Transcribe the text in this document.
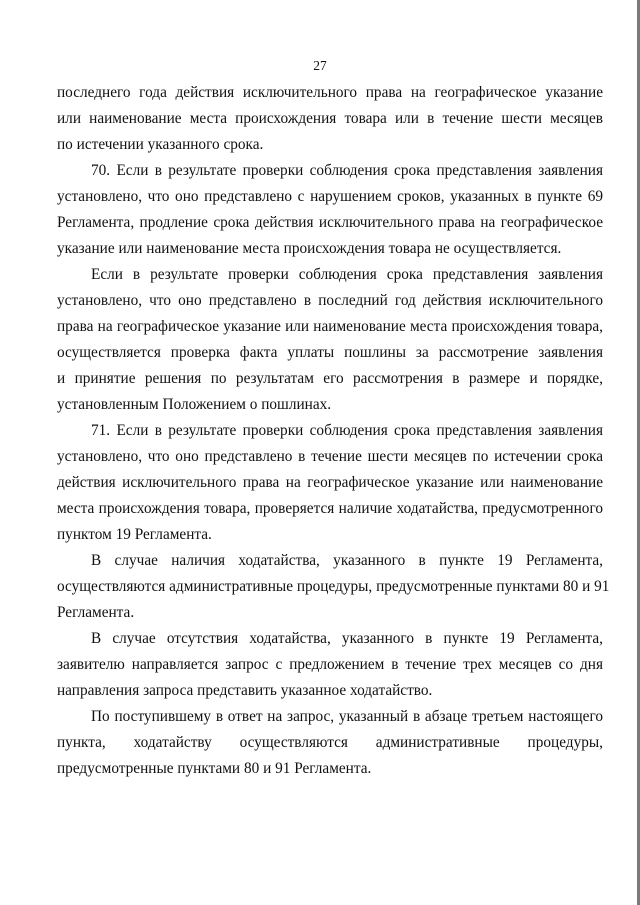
27
последнего года действия исключительного права на географическое указание
или наименование места происхождения товара или в течение шести месяцев
по истечении указанного срока.
70. Если в результате проверки соблюдения срока представления заявления
установлено, что оно представлено с нарушением сроков, указанных в пункте 69
Регламента, продление срока действия исключительного права на географическое
указание или наименование места происхождения товара не осуществляется.
Если в результате проверки соблюдения срока представления заявления
установлено, что оно представлено в последний год действия исключительного
права на географическое указание или наименование места происхождения товара,
осуществляется проверка факта уплаты пошлины за рассмотрение заявления
и принятие решения по результатам его рассмотрения в размере и порядке,
установленным Положением о пошлинах.
71. Если в результате проверки соблюдения срока представления заявления
установлено, что оно представлено в течение шести месяцев по истечении срока
действия исключительного права на географическое указание или наименование
места происхождения товара, проверяется наличие ходатайства, предусмотренного
пунктом 19 Регламента.
В случае наличия ходатайства, указанного в пункте 19 Регламента,
осуществляются административные процедуры, предусмотренные пунктами 80 и 91
Регламента.
В случае отсутствия ходатайства, указанного в пункте 19 Регламента,
заявителю направляется запрос с предложением в течение трех месяцев со дня
направления запроса представить указанное ходатайство.
По поступившему в ответ на запрос, указанный в абзаце третьем настоящего
пункта, ходатайству осуществляются административные процедуры,
предусмотренные пунктами 80 и 91 Регламента.
